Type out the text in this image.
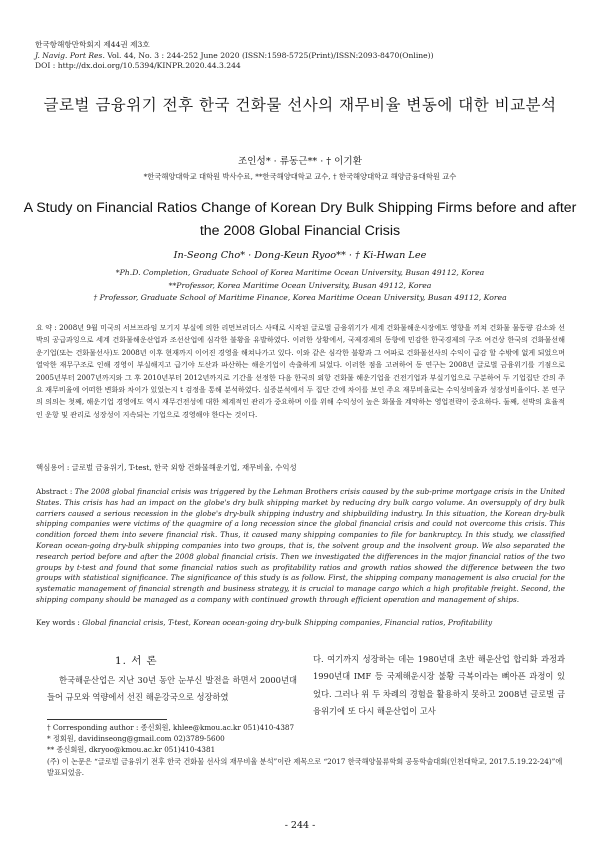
한국항해항만학회지 제44권 제3호
J. Navig. Port Res. Vol. 44, No. 3 : 244-252 June 2020 (ISSN:1598-5725(Print)/ISSN:2093-8470(Online))
DOI : http://dx.doi.org/10.5394/KINPR.2020.44.3.244
글로벌 금융위기 전후 한국 건화물 선사의 재무비율 변동에 대한 비교분석
조인성* · 류동근** · † 이기환
*한국해양대학교 대학원 박사수료, **한국해양대학교 교수, † 한국해양대학교 해양금융대학원 교수
A Study on Financial Ratios Change of Korean Dry Bulk Shipping Firms before and after the 2008 Global Financial Crisis
In-Seong Cho* · Dong-Keun Ryoo** · † Ki-Hwan Lee
*Ph.D. Completion, Graduate School of Korea Maritime Ocean University, Busan 49112, Korea
**Professor, Korea Maritime Ocean University, Busan 49112, Korea
† Professor, Graduate School of Maritime Finance, Korea Maritime Ocean University, Busan 49112, Korea
요 약 : 2008년 9월 미국의 서브프라임 모기지 부실에 의한 리먼브러더스 사태로 시작된 글로벌 금융위기가 세계 건화물해운시장에도 영향을 끼쳐 건화물 물동량 감소와 선박의 공급과잉으로 세계 건화물해운산업과 조선산업에 심각한 불황을 유발하였다. 이러한 상황에서, 국제경제의 동향에 민감한 한국경제의 구조 여건상 한국의 건화물선해운기업(또는 건화물선사)도 2008년 이후 현재까지 이어진 경영을 해쳐나가고 있다. 이와 같은 심각한 불황과 그 여파로 건화물선사의 수익이 급감 할 수밖에 없게 되었으며 열악한 재무구조로 인해 경영이 부실해지고 급기야 도산과 파산하는 해운기업이 속출하게 되었다. 이러한 점을 고려하여 동 연구는 2008년 글로벌 금융위기를 기점으로 2005년부터 2007년까지와 그 후 2010년부터 2012년까지로 기간을 선정한 다음 한국의 외항 건화물 해운기업을 건전기업과 부실기업으로 구분하여 두 기업집단 간의 주요 재무비율에 어떠한 변화와 차이가 있었는지 t 검정을 통해 분석하였다. 실증분석에서 두 집단 간에 차이를 보인 주요 재무비율로는 수익성비율과 성장성비율이다. 본 연구의 의의는 첫째, 해운기업 경영에도 역시 재무건전성에 대한 체계적인 관리가 중요하며 이를 위해 수익성이 높은 화물을 계약하는 영업전략이 중요하다. 둘째, 선박의 효율적인 운항 및 관리로 성장성이 지속되는 기업으로 경영해야 한다는 것이다.
핵심용어 : 글로벌 금융위기, T-test, 한국 외항 건화물해운기업, 재무비율, 수익성
Abstract : The 2008 global financial crisis was triggered by the Lehman Brothers crisis caused by the sub-prime mortgage crisis in the United States. This crisis has had an impact on the globe's dry bulk shipping market by reducing dry bulk cargo volume. An oversupply of dry bulk carriers caused a serious recession in the globe's dry-bulk shipping industry and shipbuilding industry. In this situation, the Korean dry-bulk shipping companies were victims of the quagmire of a long recession since the global financial crisis and could not overcome this crisis. This condition forced them into severe financial risk. Thus, it caused many shipping companies to file for bankruptcy. In this study, we classified Korean ocean-going dry-bulk shipping companies into two groups, that is, the solvent group and the insolvent group. We also separated the research period before and after the 2008 global financial crisis. Then we investigated the differences in the major financial ratios of the two groups by t-test and found that some financial ratios such as profitability ratios and growth ratios showed the difference between the two groups with statistical significance. The significance of this study is as follow. First, the shipping company management is also crucial for the systematic management of financial strength and business strategy, it is crucial to manage cargo which a high profitable freight. Second, the shipping company should be managed as a company with continued growth through efficient operation and management of ships.
Key words : Global financial crisis, T-test, Korean ocean-going dry-bulk Shipping companies, Financial ratios, Profitability
1. 서 론
한국해운산업은 지난 30년 동안 눈부신 발전을 하면서 2000년대 들어 규모와 역량에서 선진 해운강국으로 성장하였
다. 여기까지 성장하는 데는 1980년대 초반 해운산업 합리화 과정과 1990년대 IMF 등 국제해운시장 불황 극복이라는 뼈아픈 과정이 있었다. 그러나 위 두 차례의 경험을 활용하지 못하고 2008년 글로벌 금융위기에 또 다시 해운산업이 고사
† Corresponding author : 종신회원, khlee@kmou.ac.kr 051)410-4387
* 정회원, davidinseong@gmail.com 02)3789-5600
** 종신회원, dkryoo@kmou.ac.kr 051)410-4381
(주) 이 논문은 “글로벌 금융위기 전후 한국 건화물 선사의 재무비율 분석”이란 제목으로 “2017 한국해양물류학회 공동학술대회(인천대학교, 2017.5.19.22-24)”에 발표되었음.
- 244 -
